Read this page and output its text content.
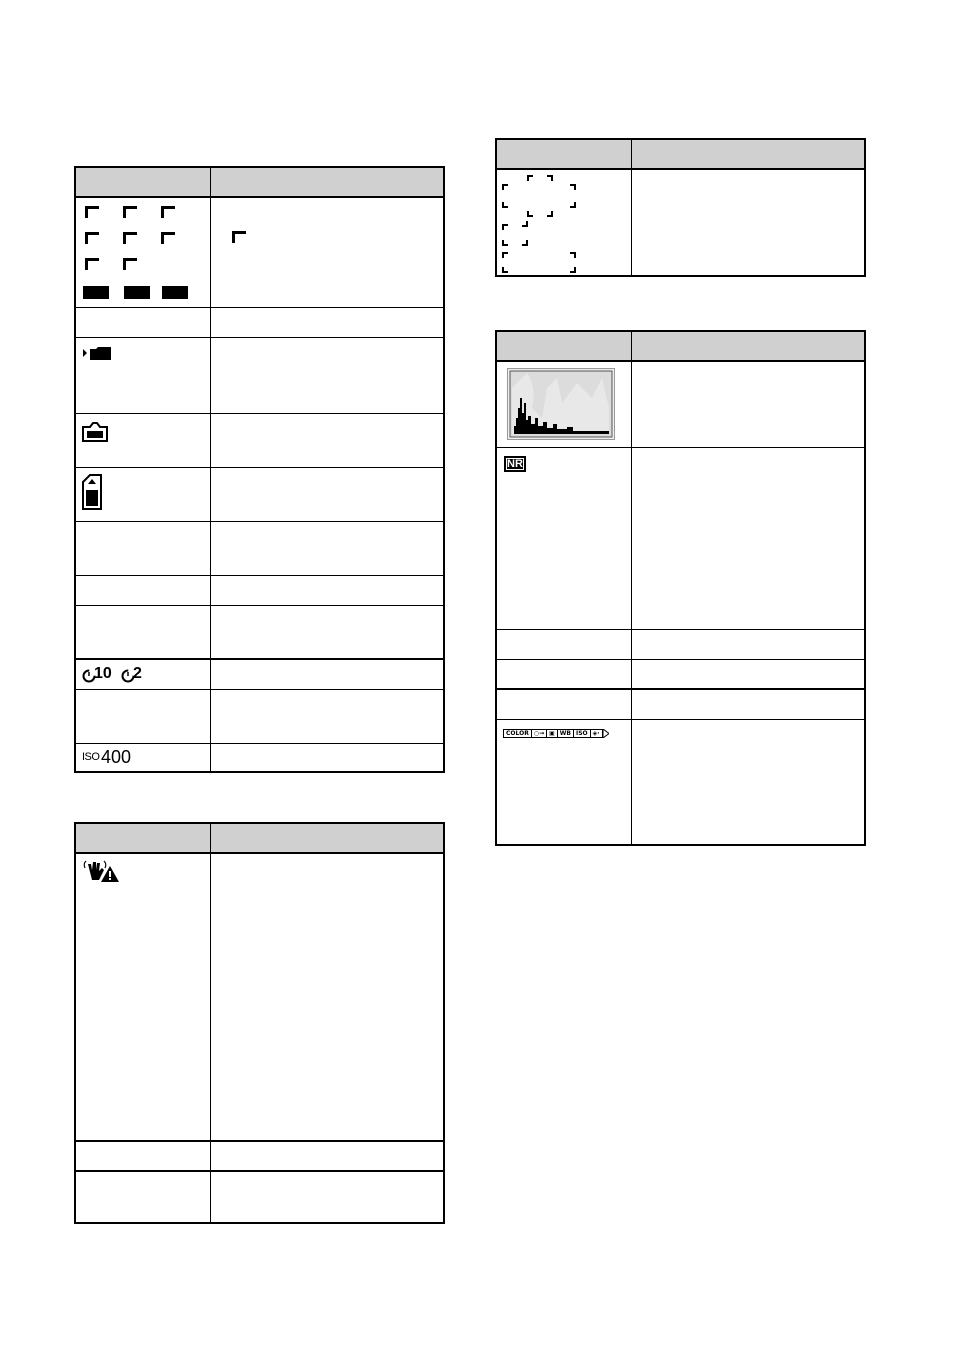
10 2
ISO 400
NR
COLOR ○→ ▣ WB ISO ◈·
